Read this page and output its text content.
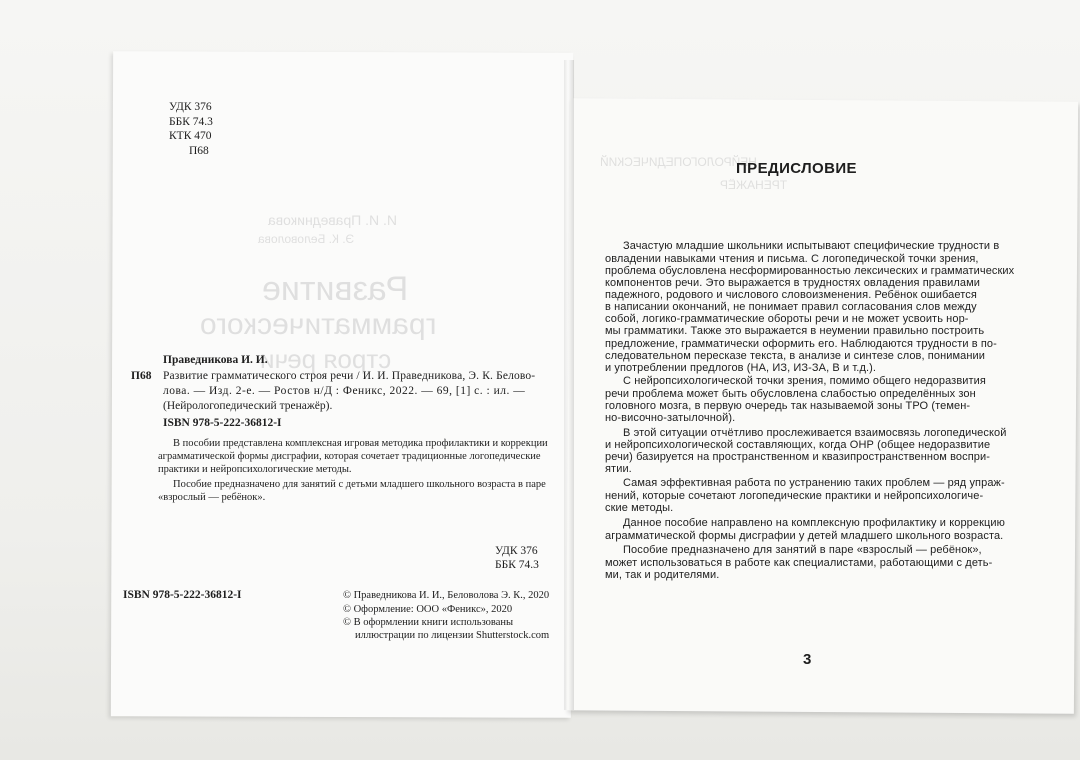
Развитие
грамматического
строя речи
И. И. Праведникова
Э. К. Беловолова
НЕЙРОЛОГОПЕДИЧЕСКИЙ
ТРЕНАЖЁР
УДК 376
ББК 74.3
КТК 470
П68
Праведникова И. И.
П68 Развитие грамматического строя речи / И. И. Праведникова, Э. К. Белово-
лова. — Изд. 2-е. — Ростов н/Д : Феникс, 2022. — 69, [1] с. : ил. —
(Нейрологопедический тренажёр).
ISBN 978-5-222-36812-I
В пособии представлена комплексная игровая методика профилактики и коррекции
аграмматической формы дисграфии, которая сочетает традиционные логопедические
практики и нейропсихологические методы.
Пособие предназначено для занятий с детьми младшего школьного возраста в паре
«взрослый — ребёнок».
УДК 376
ББК 74.3
ISBN 978-5-222-36812-I	© Праведникова И. И., Беловолова Э. К., 2020
© Оформление: ООО «Феникс», 2020
© В оформлении книги использованы
иллюстрации по лицензии Shutterstock.com
ПРЕДИСЛОВИЕ
Зачастую младшие школьники испытывают специфические трудности в
овладении навыками чтения и письма. С логопедической точки зрения,
проблема обусловлена несформированностью лексических и грамматических
компонентов речи. Это выражается в трудностях овладения правилами
падежного, родового и числового словоизменения. Ребёнок ошибается
в написании окончаний, не понимает правил согласования слов между
собой, логико-грамматические обороты речи и не может усвоить нор-
мы грамматики. Также это выражается в неумении правильно построить
предложение, грамматически оформить его. Наблюдаются трудности в по-
следовательном пересказе текста, в анализе и синтезе слов, понимании
и употреблении предлогов (НА, ИЗ, ИЗ-ЗА, В и т.д.).
С нейропсихологической точки зрения, помимо общего недоразвития
речи проблема может быть обусловлена слабостью определённых зон
головного мозга, в первую очередь так называемой зоны ТРО (темен-
но-височно-затылочной).
В этой ситуации отчётливо прослеживается взаимосвязь логопедической
и нейропсихологической составляющих, когда ОНР (общее недоразвитие
речи) базируется на пространственном и квазипространственном воспри-
ятии.
Самая эффективная работа по устранению таких проблем — ряд упраж-
нений, которые сочетают логопедические практики и нейропсихологиче-
ские методы.
Данное пособие направлено на комплексную профилактику и коррекцию
аграмматической формы дисграфии у детей младшего школьного возраста.
Пособие предназначено для занятий в паре «взрослый — ребёнок»,
может использоваться в работе как специалистами, работающими с деть-
ми, так и родителями.
3
